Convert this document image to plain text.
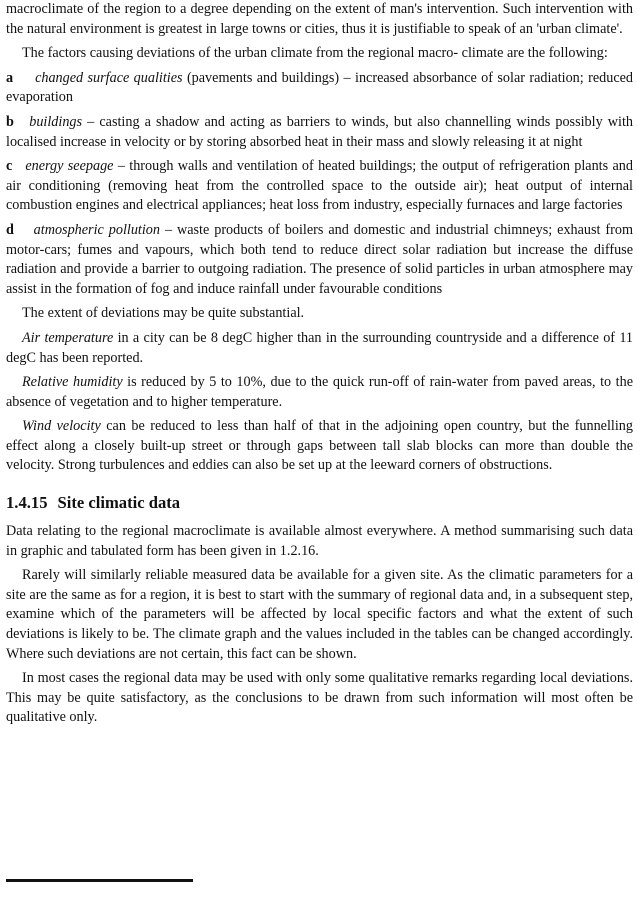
macroclimate of the region to a degree depending on the extent of man's intervention. Such intervention with the natural environment is greatest in large towns or cities, thus it is justifiable to speak of an 'urban climate'.

The factors causing deviations of the urban climate from the regional macro- climate are the following:

a changed surface qualities (pavements and buildings) – increased absorbance of solar radiation; reduced evaporation

b buildings – casting a shadow and acting as barriers to winds, but also channelling winds possibly with localised increase in velocity or by storing absorbed heat in their mass and slowly releasing it at night

c energy seepage – through walls and ventilation of heated buildings; the output of refrigeration plants and air conditioning (removing heat from the controlled space to the outside air); heat output of internal combustion engines and electrical appliances; heat loss from industry, especially furnaces and large factories

d atmospheric pollution – waste products of boilers and domestic and industrial chimneys; exhaust from motor-cars; fumes and vapours, which both tend to reduce direct solar radiation but increase the diffuse radiation and provide a barrier to outgoing radiation. The presence of solid particles in urban atmosphere may assist in the formation of fog and induce rainfall under favourable conditions

The extent of deviations may be quite substantial.

Air temperature in a city can be 8 degC higher than in the surrounding countryside and a difference of 11 degC has been reported.

Relative humidity is reduced by 5 to 10%, due to the quick run-off of rain-water from paved areas, to the absence of vegetation and to higher temperature.

Wind velocity can be reduced to less than half of that in the adjoining open country, but the funnelling effect along a closely built-up street or through gaps between tall slab blocks can more than double the velocity. Strong turbulences and eddies can also be set up at the leeward corners of obstructions.

1.4.15 Site climatic data

Data relating to the regional macroclimate is available almost everywhere. A method summarising such data in graphic and tabulated form has been given in 1.2.16.

Rarely will similarly reliable measured data be available for a given site. As the climatic parameters for a site are the same as for a region, it is best to start with the summary of regional data and, in a subsequent step, examine which of the parameters will be affected by local specific factors and what the extent of such deviations is likely to be. The climate graph and the values included in the tables can be changed accordingly. Where such deviations are not certain, this fact can be shown.

In most cases the regional data may be used with only some qualitative remarks regarding local deviations. This may be quite satisfactory, as the conclusions to be drawn from such information will most often be qualitative only.
